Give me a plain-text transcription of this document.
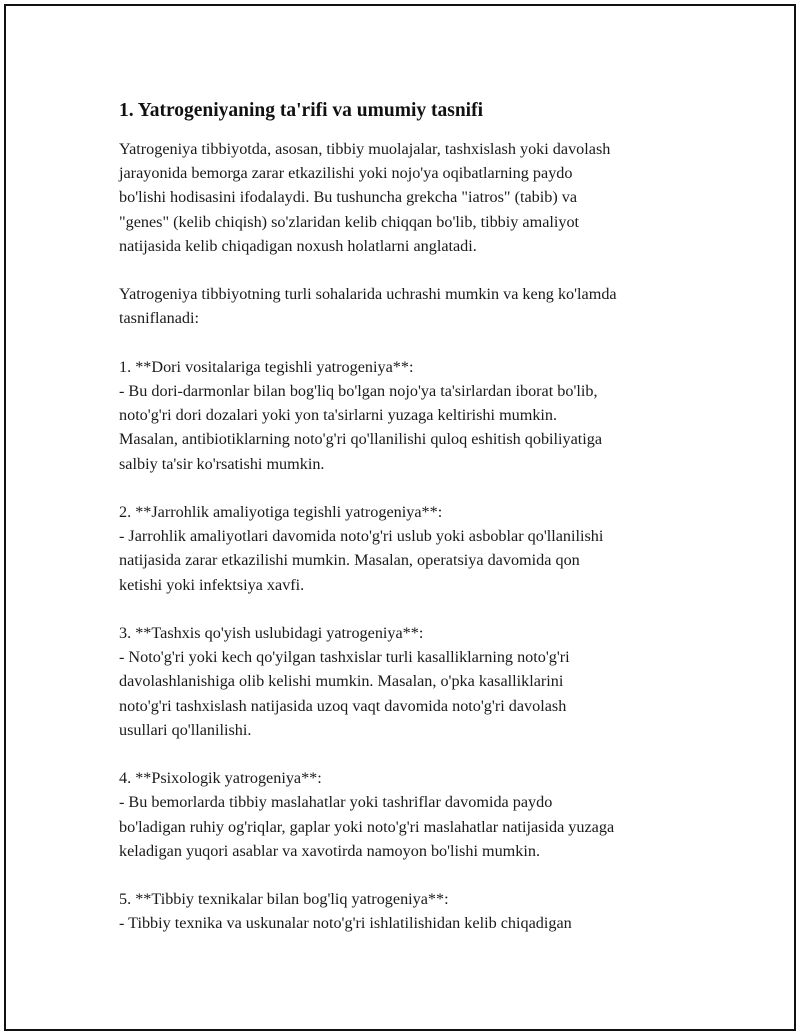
1. Yatrogeniyaning ta'rifi va umumiy tasnifi

Yatrogeniya tibbiyotda, asosan, tibbiy muolajalar, tashxislash yoki davolash
jarayonida bemorga zarar etkazilishi yoki nojo'ya oqibatlarning paydo
bo'lishi hodisasini ifodalaydi. Bu tushuncha grekcha "iatros" (tabib) va
"genes" (kelib chiqish) so'zlaridan kelib chiqqan bo'lib, tibbiy amaliyot
natijasida kelib chiqadigan noxush holatlarni anglatadi.

Yatrogeniya tibbiyotning turli sohalarida uchrashi mumkin va keng ko'lamda
tasniflanadi:

1. **Dori vositalariga tegishli yatrogeniya**:

- Bu dori-darmonlar bilan bog'liq bo'lgan nojo'ya ta'sirlardan iborat bo'lib,
noto'g'ri dori dozalari yoki yon ta'sirlarni yuzaga keltirishi mumkin.
Masalan, antibiotiklarning noto'g'ri qo'llanilishi quloq eshitish qobiliyatiga
salbiy ta'sir ko'rsatishi mumkin.

2. **Jarrohlik amaliyotiga tegishli yatrogeniya**:

- Jarrohlik amaliyotlari davomida noto'g'ri uslub yoki asboblar qo'llanilishi
natijasida zarar etkazilishi mumkin. Masalan, operatsiya davomida qon
ketishi yoki infektsiya xavfi.

3. **Tashxis qo'yish uslubidagi yatrogeniya**:

- Noto'g'ri yoki kech qo'yilgan tashxislar turli kasalliklarning noto'g'ri
davolashlanishiga olib kelishi mumkin. Masalan, o'pka kasalliklarini
noto'g'ri tashxislash natijasida uzoq vaqt davomida noto'g'ri davolash
usullari qo'llanilishi.

4. **Psixologik yatrogeniya**:

- Bu bemorlarda tibbiy maslahatlar yoki tashriflar davomida paydo
bo'ladigan ruhiy og'riqlar, gaplar yoki noto'g'ri maslahatlar natijasida yuzaga
keladigan yuqori asablar va xavotirda namoyon bo'lishi mumkin.

5. **Tibbiy texnikalar bilan bog'liq yatrogeniya**:

- Tibbiy texnika va uskunalar noto'g'ri ishlatilishidan kelib chiqadigan
